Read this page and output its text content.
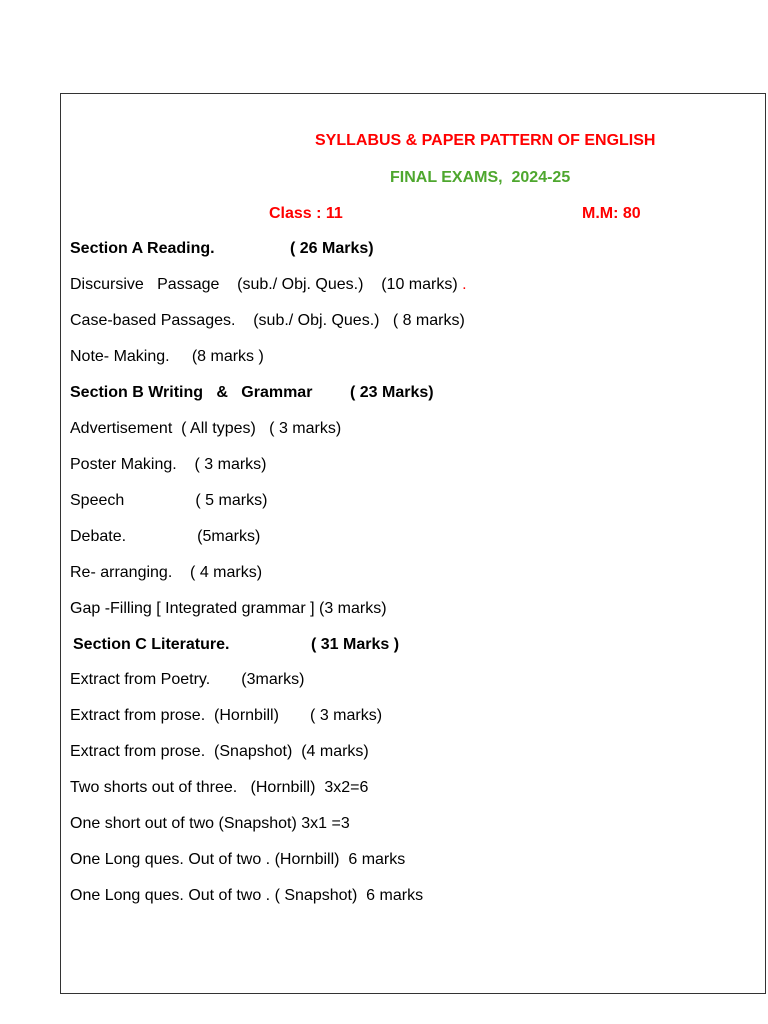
SYLLABUS & PAPER PATTERN OF ENGLISH
FINAL EXAMS,  2024-25
Class : 11	M.M: 80
Section A Reading.	( 26 Marks)
Discursive   Passage    (sub./ Obj. Ques.)    (10 marks) .
Case-based Passages.    (sub./ Obj. Ques.)   ( 8 marks)
Note- Making.     (8 marks )
Section B Writing   &   Grammar ( 23 Marks)
Advertisement  ( All types)   ( 3 marks)
Poster Making.    ( 3 marks)
Speech                ( 5 marks)
Debate.                (5marks)
Re- arranging.    ( 4 marks)
Gap -Filling [ Integrated grammar ] (3 marks)
Section C Literature.	( 31 Marks )
Extract from Poetry.       (3marks)
Extract from prose.  (Hornbill)       ( 3 marks)
Extract from prose.  (Snapshot)  (4 marks)
Two shorts out of three.   (Hornbill)  3x2=6
One short out of two (Snapshot) 3x1 =3
One Long ques. Out of two . (Hornbill)  6 marks
One Long ques. Out of two . ( Snapshot)  6 marks
